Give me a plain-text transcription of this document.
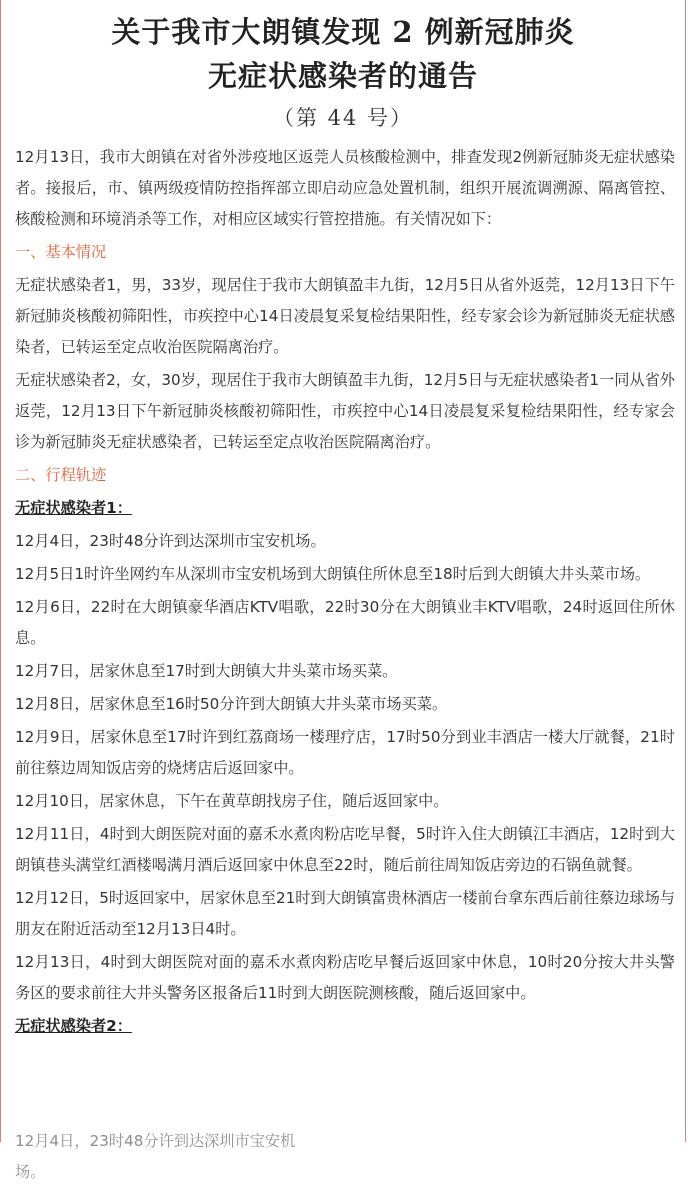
关于我市大朗镇发现 2 例新冠肺炎
无症状感染者的通告
（第 44 号）

12月13日，我市大朗镇在对省外涉疫地区返莞人员核酸检测中，排查发现2例新冠肺炎无症状感染者。接报后，市、镇两级疫情防控指挥部立即启动应急处置机制，组织开展流调溯源、隔离管控、核酸检测和环境消杀等工作，对相应区域实行管控措施。有关情况如下：

一、基本情况

无症状感染者1，男，33岁，现居住于我市大朗镇盈丰九街，12月5日从省外返莞，12月13日下午新冠肺炎核酸初筛阳性，市疾控中心14日凌晨复采复检结果阳性，经专家会诊为新冠肺炎无症状感染者，已转运至定点收治医院隔离治疗。

无症状感染者2，女，30岁，现居住于我市大朗镇盈丰九街，12月5日与无症状感染者1一同从省外返莞，12月13日下午新冠肺炎核酸初筛阳性，市疾控中心14日凌晨复采复检结果阳性，经专家会诊为新冠肺炎无症状感染者，已转运至定点收治医院隔离治疗。

二、行程轨迹

无症状感染者1：

12月4日，23时48分许到达深圳市宝安机场。

12月5日1时许坐网约车从深圳市宝安机场到大朗镇住所休息至18时后到大朗镇大井头菜市场。

12月6日，22时在大朗镇豪华酒店KTV唱歌，22时30分在大朗镇业丰KTV唱歌，24时返回住所休息。

12月7日，居家休息至17时到大朗镇大井头菜市场买菜。

12月8日，居家休息至16时50分许到大朗镇大井头菜市场买菜。

12月9日，居家休息至17时许到红荔商场一楼理疗店，17时50分到业丰酒店一楼大厅就餐，21时前往蔡边周知饭店旁的烧烤店后返回家中。

12月10日，居家休息，下午在黄草朗找房子住，随后返回家中。

12月11日，4时到大朗医院对面的嘉禾水煮肉粉店吃早餐，5时许入住大朗镇江丰酒店，12时到大朗镇巷头满堂红酒楼喝满月酒后返回家中休息至22时，随后前往周知饭店旁边的石锅鱼就餐。

12月12日，5时返回家中，居家休息至21时到大朗镇富贵林酒店一楼前台拿东西后前往蔡边球场与朋友在附近活动至12月13日4时。

12月13日，4时到大朗医院对面的嘉禾水煮肉粉店吃早餐后返回家中休息，10时20分按大井头警务区的要求前往大井头警务区报备后11时到大朗医院测核酸，随后返回家中。

无症状感染者2：

12月4日，23时48分许到达深圳市宝安机场。
